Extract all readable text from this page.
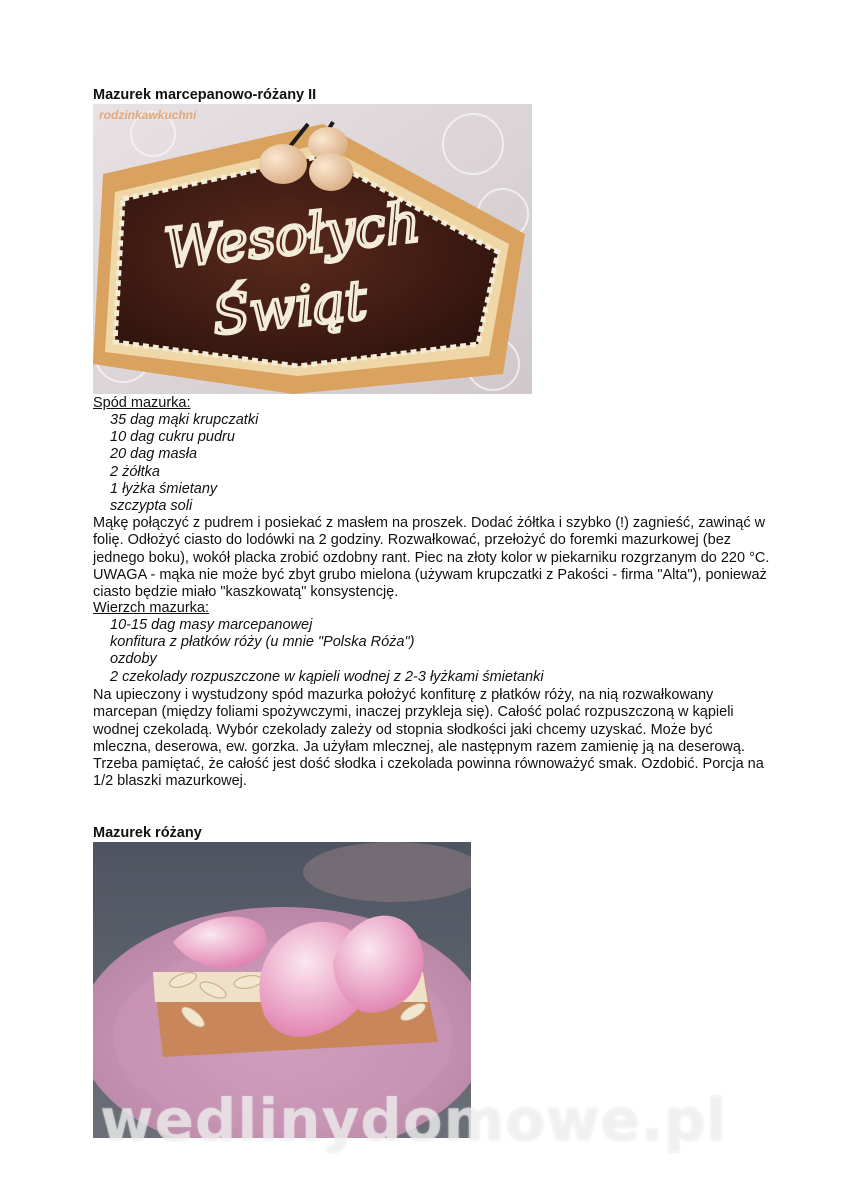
Mazurek marcepanowo-różany II
Wesołych
Świąt
rodzinkawkuchni
Spód mazurka:
35 dag mąki krupczatki
10 dag cukru pudru
20 dag masła
2 żółtka
1 łyżka śmietany
szczypta soli

Mąkę połączyć z pudrem i posiekać z masłem na proszek. Dodać żółtka i szybko (!) zagnieść, zawinąć w
folię. Odłożyć ciasto do lodówki na 2 godziny. Rozwałkować, przełożyć do foremki mazurkowej (bez
jednego boku), wokół placka zrobić ozdobny rant. Piec na złoty kolor w piekarniku rozgrzanym do 220 °C.
UWAGA - mąka nie może być zbyt grubo mielona (używam krupczatki z Pakości - firma "Alta"), ponieważ
ciasto będzie miało "kaszkowatą" konsystencję.

Wierzch mazurka:
10-15 dag masy marcepanowej
konfitura z płatków róży (u mnie "Polska Róża")
ozdoby
2 czekolady rozpuszczone w kąpieli wodnej z 2-3 łyżkami śmietanki

Na upieczony i wystudzony spód mazurka położyć konfiturę z płatków róży, na nią rozwałkowany
marcepan (między foliami spożywczymi, inaczej przykleja się). Całość polać rozpuszczoną w kąpieli
wodnej czekoladą. Wybór czekolady zależy od stopnia słodkości jaki chcemy uzyskać. Może być
mleczna, deserowa, ew. gorzka. Ja użyłam mlecznej, ale następnym razem zamienię ją na deserową.
Trzeba pamiętać, że całość jest dość słodka i czekolada powinna równoważyć smak. Ozdobić. Porcja na
1/2 blaszki mazurkowej.

Mazurek różany
wedlinydomowe.pl
